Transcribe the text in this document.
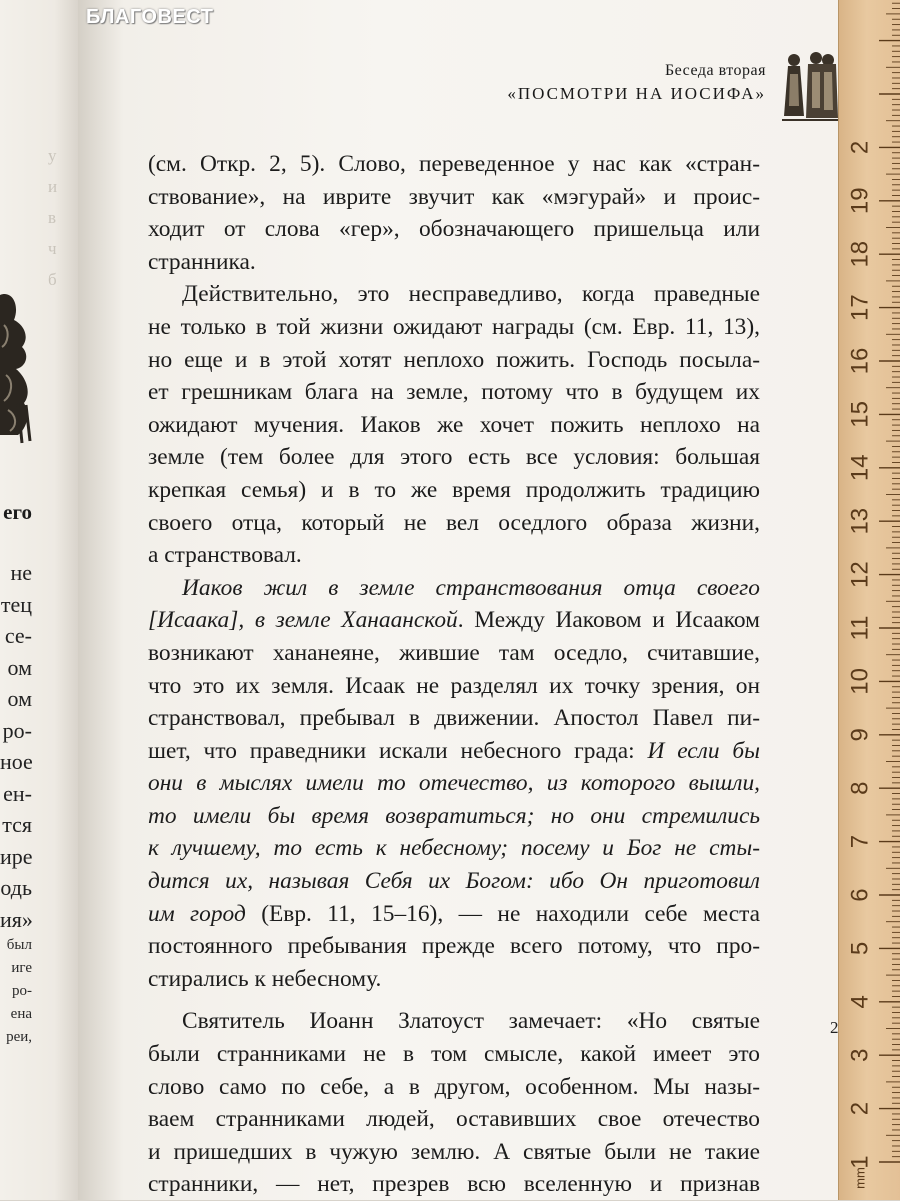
у
и
в
ч
б
его
не
тец
се-
ом
ом
ро-
ное
ен-
тся
ире
одь
ия»
был
иге
ро-
ена
реи,
БЛАГОВЕСТ
Беседа вторая
«ПОСМОТРИ НА ИОСИФА»
(см. Откр. 2, 5). Слово, переведенное у нас как «стран-
ствование», на иврите звучит как «мэгурай» и проис-
ходит от слова «гер», обозначающего пришельца или
странника.
Действительно, это несправедливо, когда праведные
не только в той жизни ожидают награды (см. Евр. 11, 13),
но еще и в этой хотят неплохо пожить. Господь посыла-
ет грешникам блага на земле, потому что в будущем их
ожидают мучения. Иаков же хочет пожить неплохо на
земле (тем более для этого есть все условия: большая
крепкая семья) и в то же время продолжить традицию
своего отца, который не вел оседлого образа жизни,
а странствовал.
Иаков жил в земле странствования отца своего
[Исаака], в земле Ханаанской. Между Иаковом и Исааком
возникают хананеяне, жившие там оседло, считавшие,
что это их земля. Исаак не разделял их точку зрения, он
странствовал, пребывал в движении. Апостол Павел пи-
шет, что праведники искали небесного града: И если бы
они в мыслях имели то отечество, из которого вышли,
то имели бы время возвратиться; но они стремились
к лучшему, то есть к небесному; посему и Бог не сты-
дится их, называя Себя их Богом: ибо Он приготовил
им город (Евр. 11, 15–16), — не находили себе места
постоянного пребывания прежде всего потому, что про-
стирались к небесному.
Святитель Иоанн Златоуст замечает: «Но святые
были странниками не в том смысле, какой имеет это
слово само по себе, а в другом, особенном. Мы назы-
ваем странниками людей, оставивших свое отечество
и пришедших в чужую землю. А святые были не такие
странники, — нет, презрев всю вселенную и признав
2
mm
1
2
3
4
5
6
7
8
9
10
11
12
13
14
15
16
17
18
19
2
